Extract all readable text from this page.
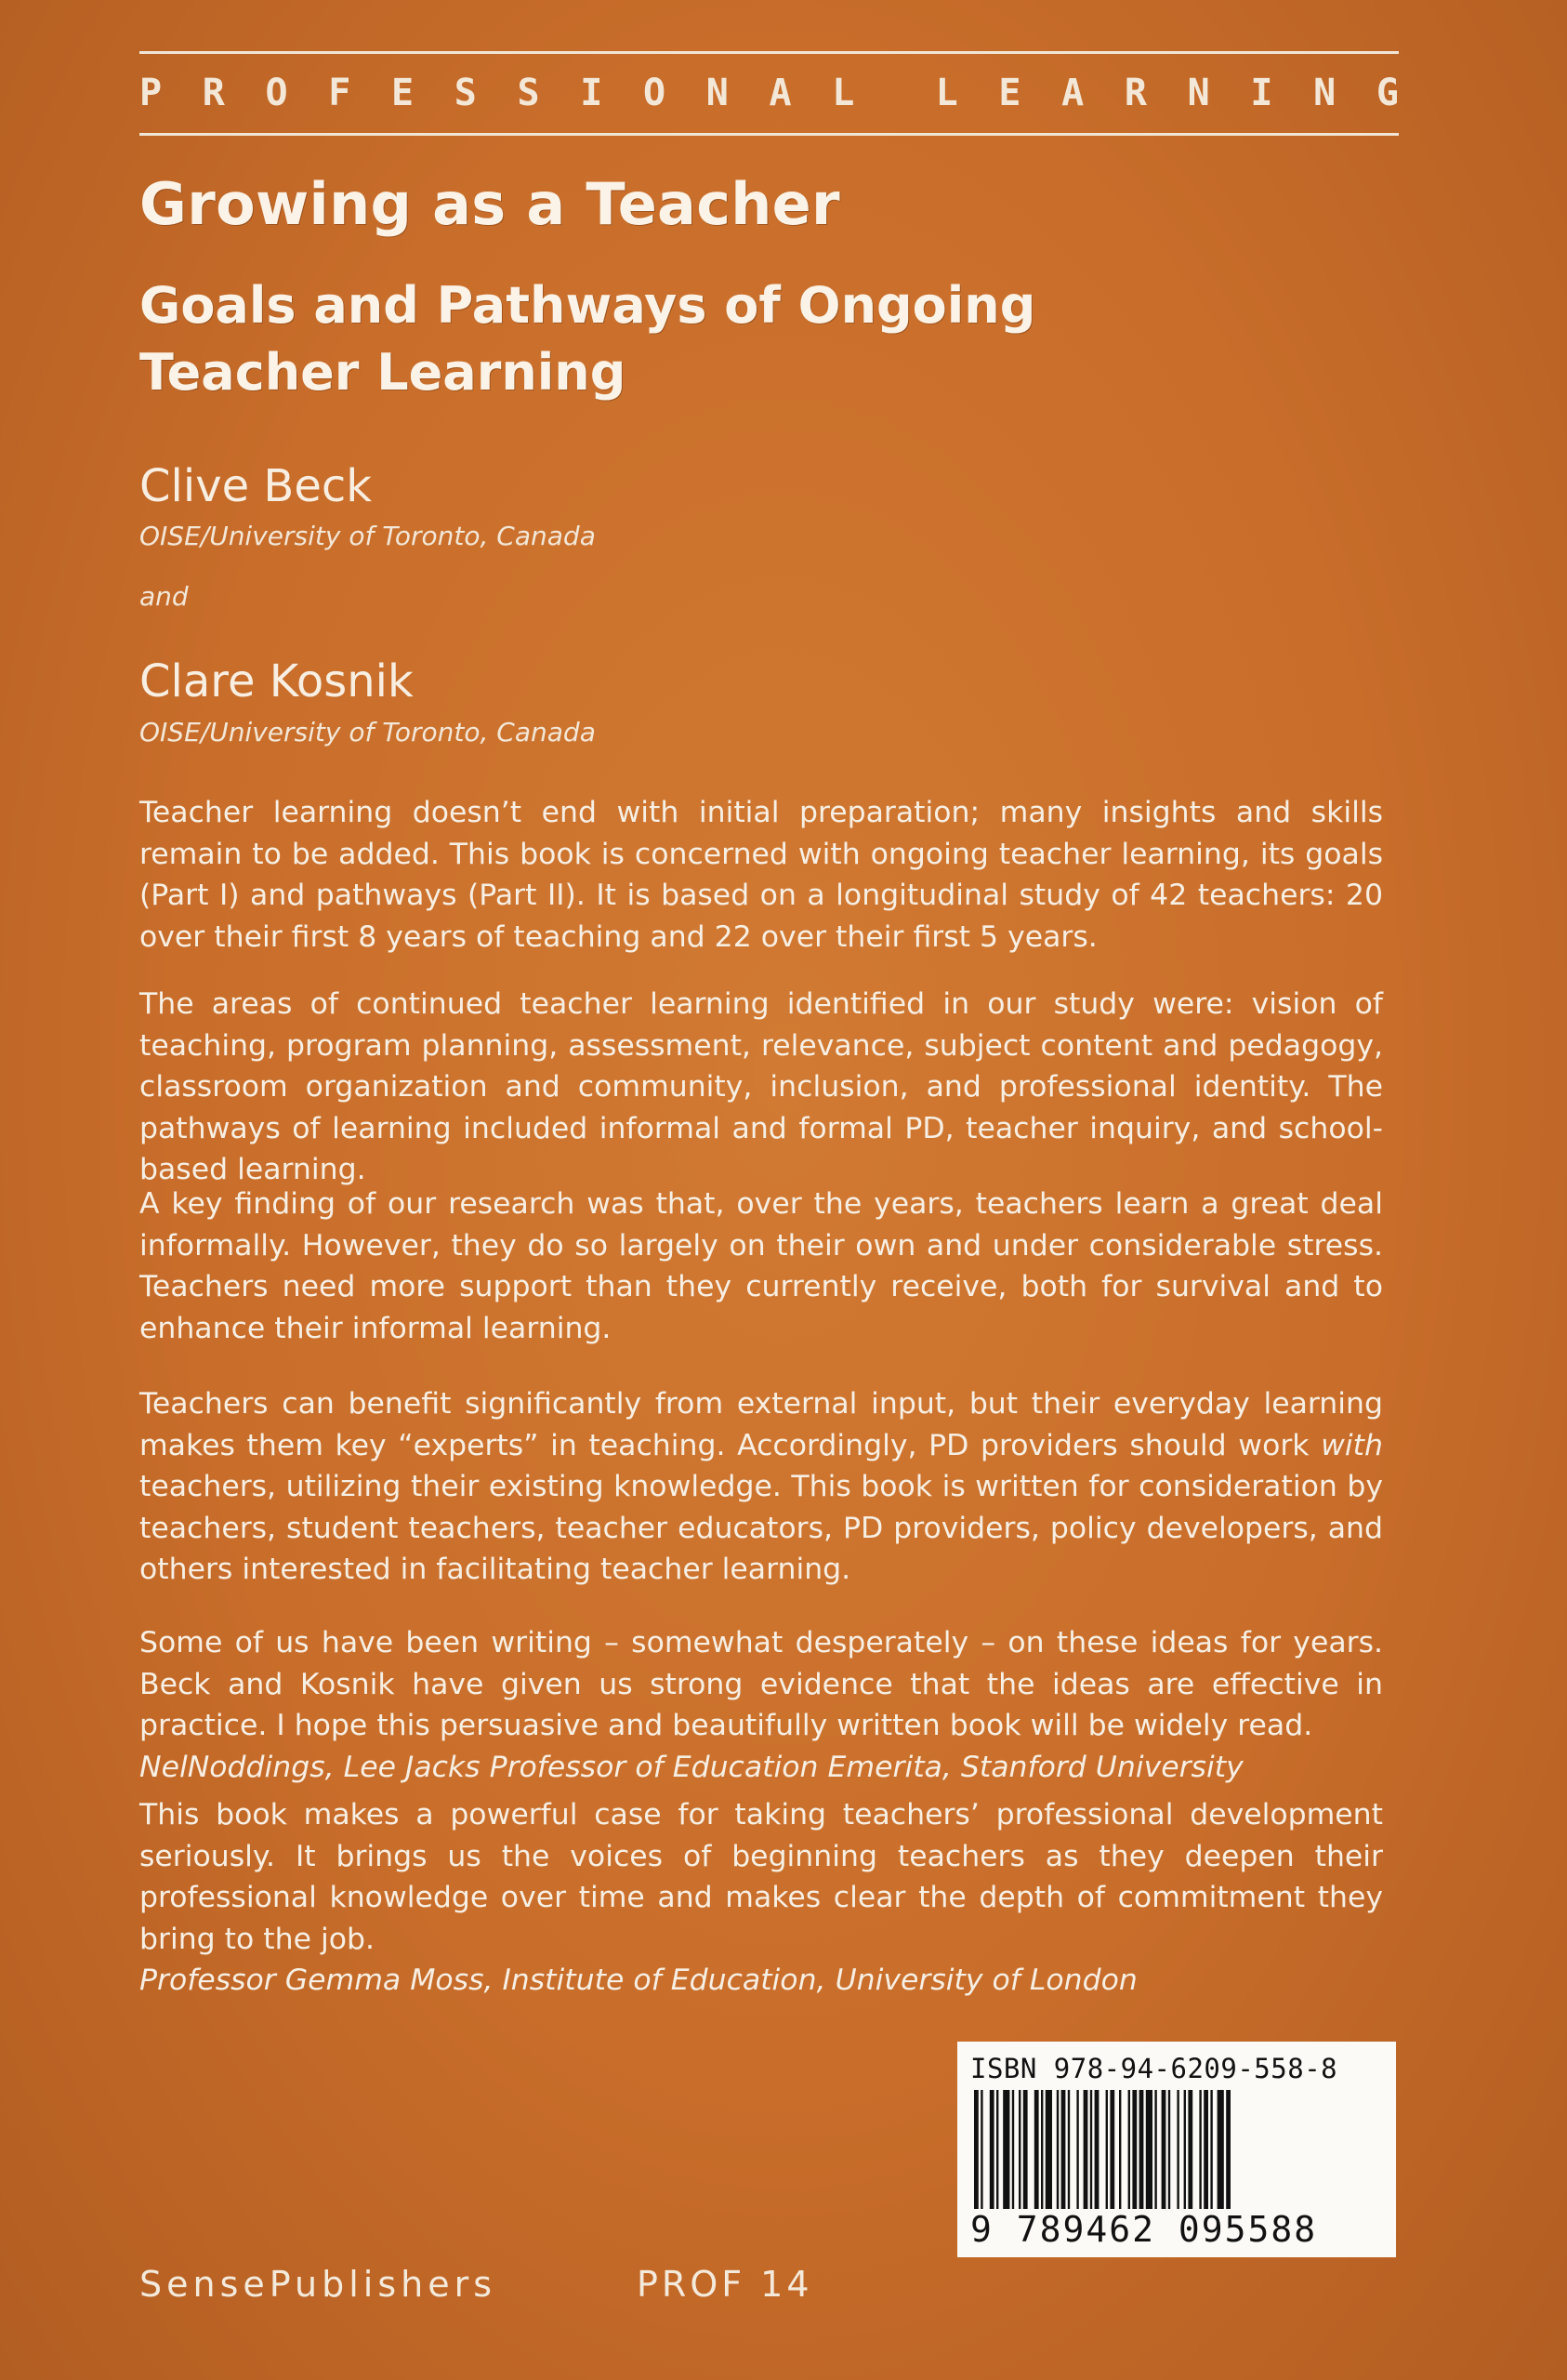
P R O F E S S I O N A L L E A R N I N G
Growing as a Teacher
Goals and Pathways of Ongoing Teacher Learning
Clive Beck
OISE/University of Toronto, Canada
and
Clare Kosnik
OISE/University of Toronto, Canada

Teacher learning doesn’t end with initial preparation; many insights and skills remain to be added. This book is concerned with ongoing teacher learning, its goals (Part I) and pathways (Part II). It is based on a longitudinal study of 42 teachers: 20 over their first 8 years of teaching and 22 over their first 5 years.

The areas of continued teacher learning identified in our study were: vision of teaching, program planning, assessment, relevance, subject content and pedagogy, classroom organization and community, inclusion, and professional identity. The pathways of learning included informal and formal PD, teacher inquiry, and school-based learning.

A key finding of our research was that, over the years, teachers learn a great deal informally. However, they do so largely on their own and under considerable stress. Teachers need more support than they currently receive, both for survival and to enhance their informal learning.

Teachers can benefit significantly from external input, but their everyday learning makes them key “experts” in teaching. Accordingly, PD providers should work with teachers, utilizing their existing knowledge. This book is written for consideration by teachers, student teachers, teacher educators, PD providers, policy developers, and others interested in facilitating teacher learning.

Some of us have been writing – somewhat desperately – on these ideas for years. Beck and Kosnik have given us strong evidence that the ideas are effective in practice. I hope this persuasive and beautifully written book will be widely read.
NelNoddings, Lee Jacks Professor of Education Emerita, Stanford University

This book makes a powerful case for taking teachers’ professional development seriously. It brings us the voices of beginning teachers as they deepen their professional knowledge over time and makes clear the depth of commitment they bring to the job.
Professor Gemma Moss, Institute of Education, University of London

ISBN 978-94-6209-558-8
9 789462 095588
SensePublishers	PROF 14
